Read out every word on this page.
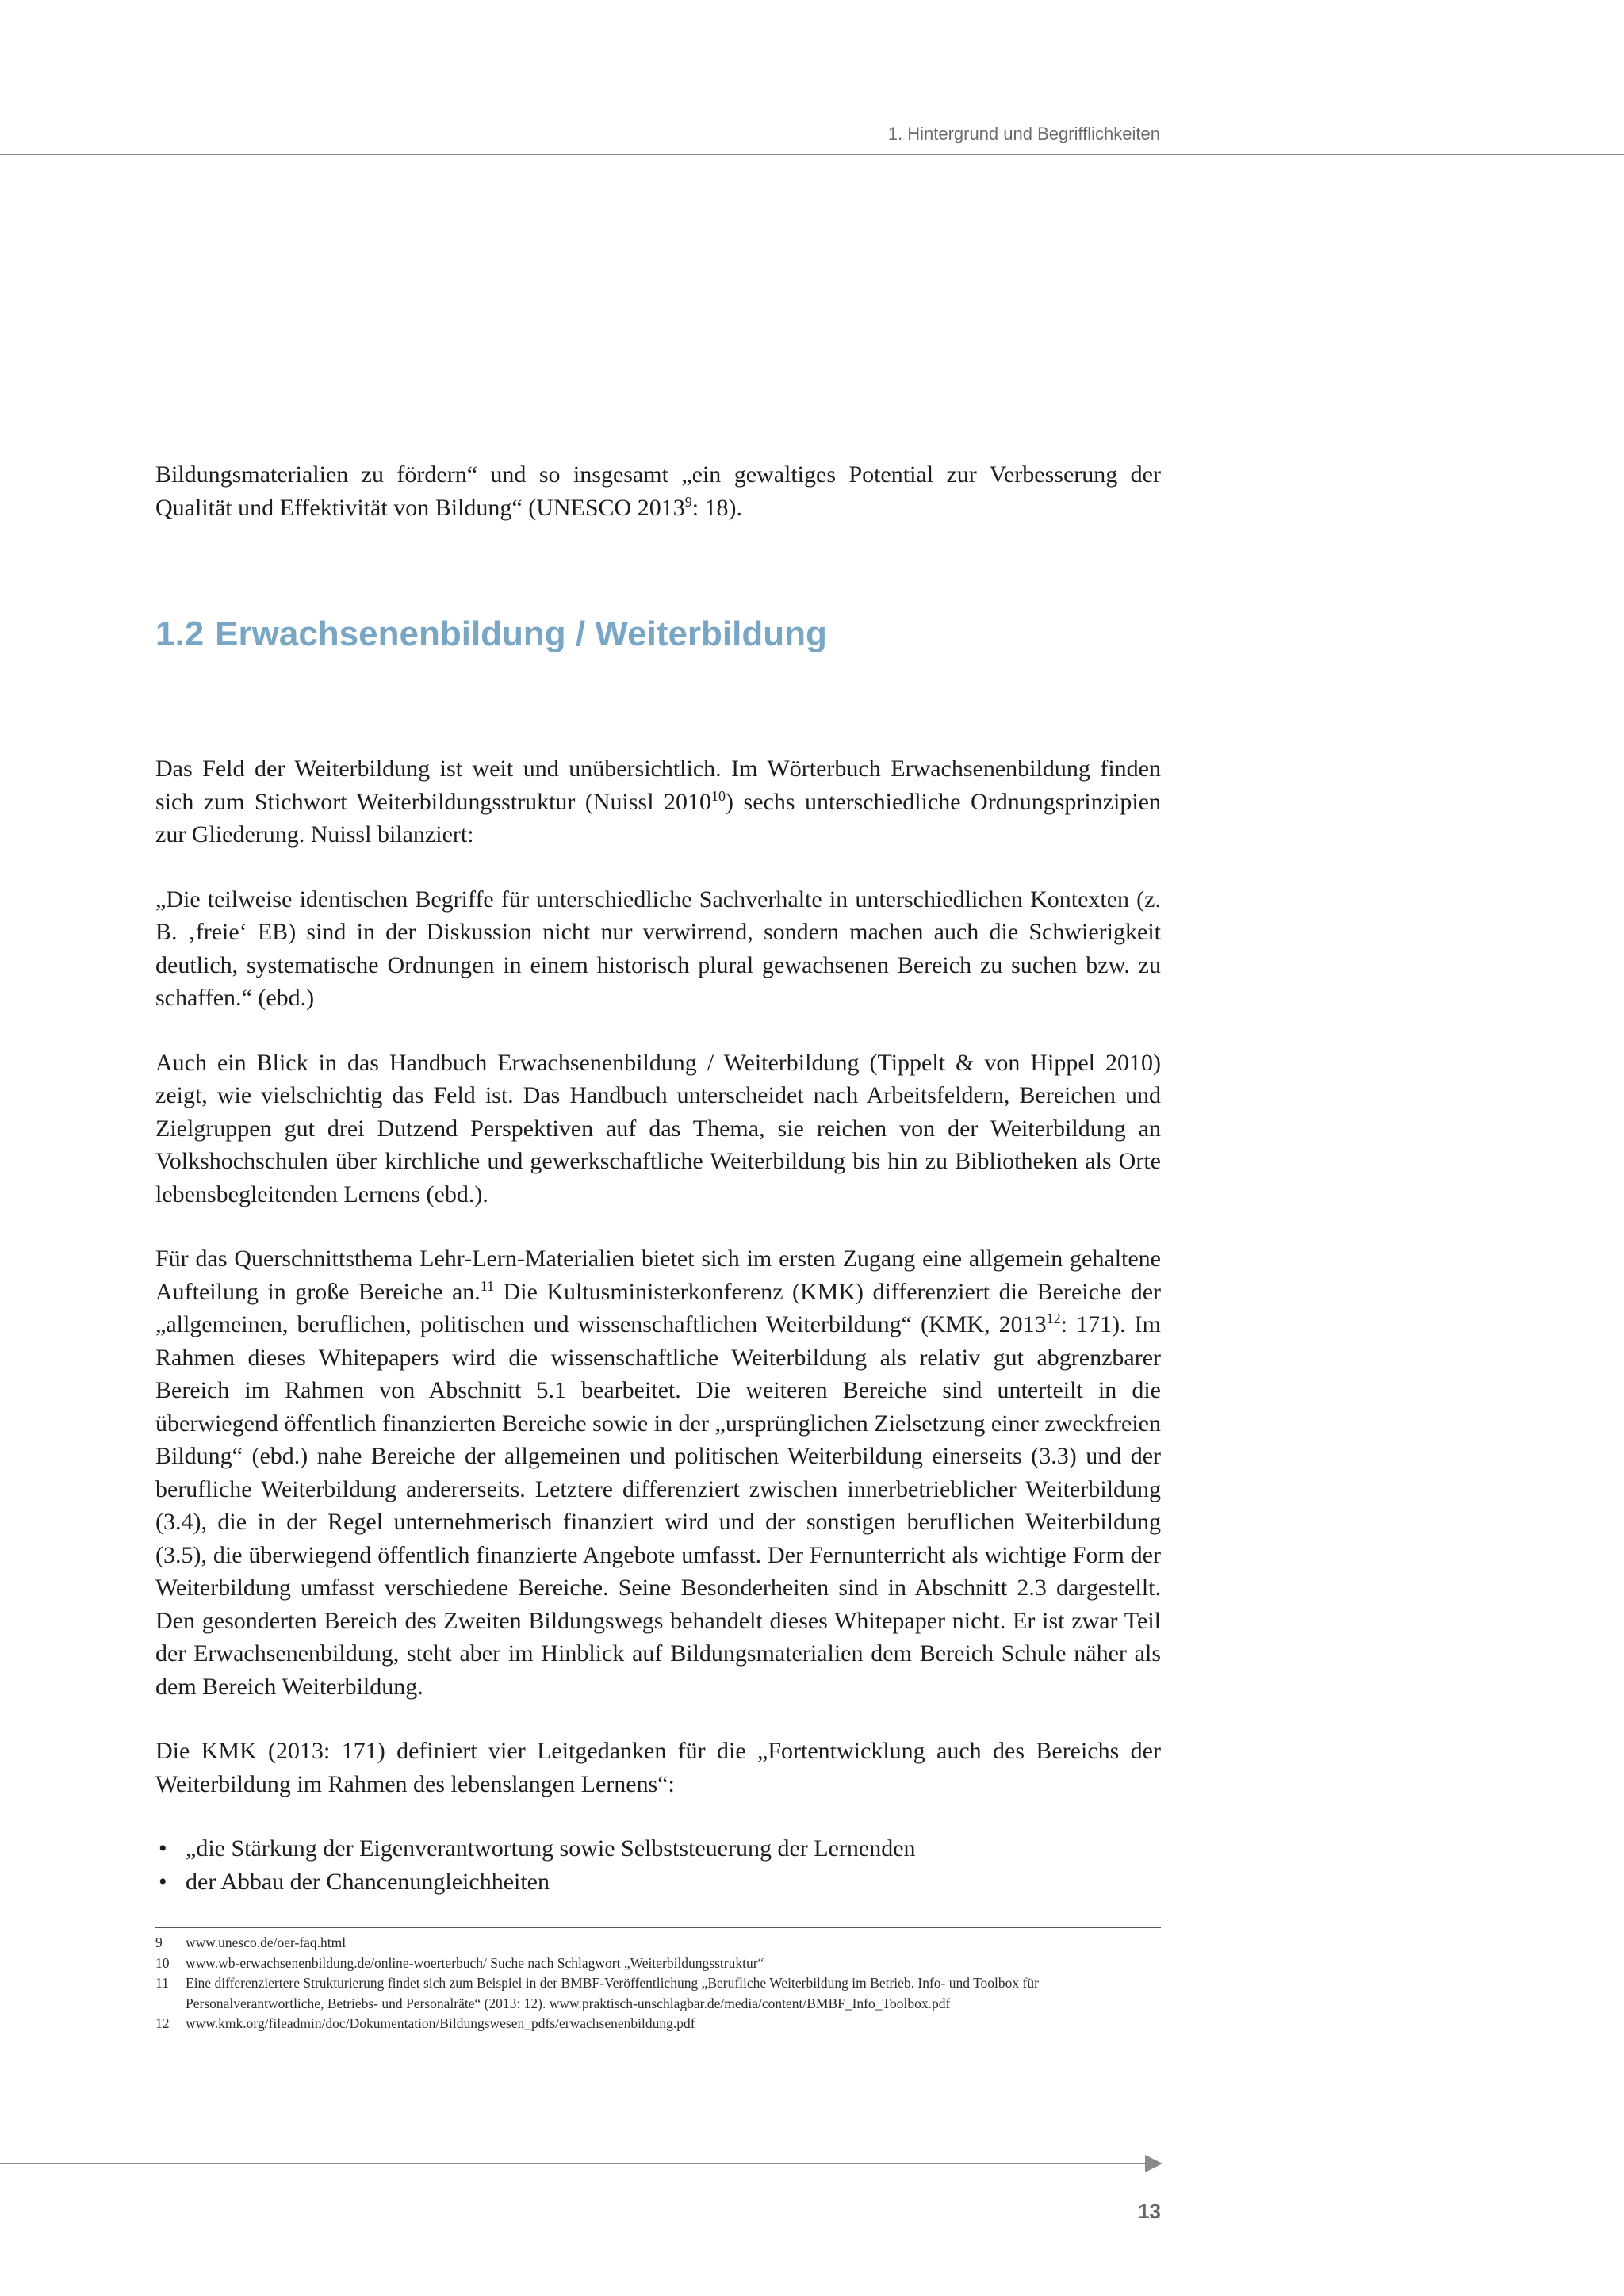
1. Hintergrund und Begrifflichkeiten

Bildungsmaterialien zu fördern“ und so insgesamt „ein gewaltiges Potential zur Verbesserung der Qualität und Effektivität von Bildung“ (UNESCO 2013$^9$: 18).

1.2 Erwachsenenbildung / Weiterbildung

Das Feld der Weiterbildung ist weit und unübersichtlich. Im Wörterbuch Erwachsenenbildung finden sich zum Stichwort Weiterbildungsstruktur (Nuissl 2010$^{10}$) sechs unterschiedliche Ordnungsprinzipien zur Gliederung. Nuissl bilanziert:

„Die teilweise identischen Begriffe für unterschiedliche Sachverhalte in unterschiedlichen Kontexten (z. B. ‚freie‘ EB) sind in der Diskussion nicht nur verwirrend, sondern machen auch die Schwierigkeit deutlich, systematische Ordnungen in einem historisch plural gewachsenen Bereich zu suchen bzw. zu schaffen.“ (ebd.)

Auch ein Blick in das Handbuch Erwachsenenbildung / Weiterbildung (Tippelt & von Hippel 2010) zeigt, wie vielschichtig das Feld ist. Das Handbuch unterscheidet nach Arbeitsfeldern, Bereichen und Zielgruppen gut drei Dutzend Perspektiven auf das Thema, sie reichen von der Weiterbildung an Volkshochschulen über kirchliche und gewerkschaftliche Weiterbildung bis hin zu Bibliotheken als Orte lebensbegleitenden Lernens (ebd.).

Für das Querschnittsthema Lehr-Lern-Materialien bietet sich im ersten Zugang eine allgemein gehaltene Aufteilung in große Bereiche an.$^{11}$ Die Kultusministerkonferenz (KMK) differenziert die Bereiche der „allgemeinen, beruflichen, politischen und wissenschaftlichen Weiterbildung“ (KMK, 2013$^{12}$: 171). Im Rahmen dieses Whitepapers wird die wissenschaftliche Weiterbildung als relativ gut abgrenzbarer Bereich im Rahmen von Abschnitt 5.1 bearbeitet. Die weiteren Bereiche sind unterteilt in die überwiegend öffentlich finanzierten Bereiche sowie in der „ursprünglichen Zielsetzung einer zweckfreien Bildung“ (ebd.) nahe Bereiche der allgemeinen und politischen Weiterbildung einerseits (3.3) und der berufliche Weiterbildung andererseits. Letztere differenziert zwischen innerbetrieblicher Weiterbildung (3.4), die in der Regel unternehmerisch finanziert wird und der sonstigen beruflichen Weiterbildung (3.5), die überwiegend öffentlich finanzierte Angebote umfasst. Der Fernunterricht als wichtige Form der Weiterbildung umfasst verschiedene Bereiche. Seine Besonderheiten sind in Abschnitt 2.3 dargestellt. Den gesonderten Bereich des Zweiten Bildungswegs behandelt dieses Whitepaper nicht. Er ist zwar Teil der Erwachsenenbildung, steht aber im Hinblick auf Bildungsmaterialien dem Bereich Schule näher als dem Bereich Weiterbildung.

Die KMK (2013: 171) definiert vier Leitgedanken für die „Fortentwicklung auch des Bereichs der Weiterbildung im Rahmen des lebenslangen Lernens“:

• „die Stärkung der Eigenverantwortung sowie Selbststeuerung der Lernenden
• der Abbau der Chancenungleichheiten
9 www.unesco.de/oer-faq.html
10 www.wb-erwachsenenbildung.de/online-woerterbuch/ Suche nach Schlagwort „Weiterbildungsstruktur“
11 Eine differenziertere Strukturierung findet sich zum Beispiel in der BMBF-Veröffentlichung „Berufliche Weiterbildung im Betrieb. Info- und Toolbox für Personalverantwortliche, Betriebs- und Personalräte“ (2013: 12). www.praktisch-unschlagbar.de/media/content/BMBF_Info_Toolbox.pdf
12 www.kmk.org/fileadmin/doc/Dokumentation/Bildungswesen_pdfs/erwachsenenbildung.pdf
13
